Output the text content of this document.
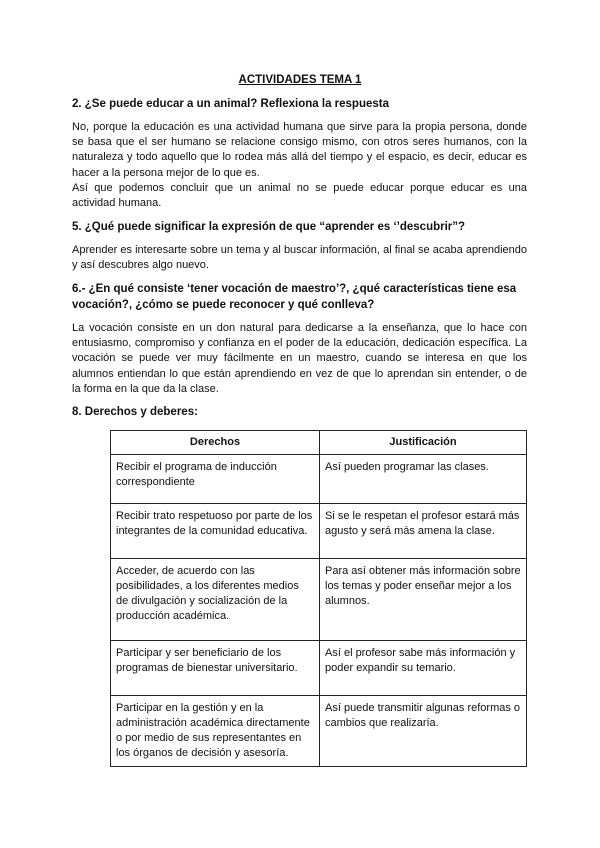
ACTIVIDADES TEMA 1
2. ¿Se puede educar a un animal? Reflexiona la respuesta
No, porque la educación es una actividad humana que sirve para la propia persona, donde se basa que el ser humano se relacione consigo mismo, con otros seres humanos, con la naturaleza y todo aquello que lo rodea más allá del tiempo y el espacio, es decir, educar es hacer a la persona mejor de lo que es.
Así que podemos concluir que un animal no se puede educar porque educar es una actividad humana.
5. ¿Qué puede significar la expresión de que “aprender es ‘’descubrir”?
Aprender es interesarte sobre un tema y al buscar información, al final se acaba aprendiendo y así descubres algo nuevo.
6.- ¿En qué consiste ‘tener vocación de maestro’?, ¿qué características tiene esa vocación?, ¿cómo se puede reconocer y qué conlleva?
La vocación consiste en un don natural para dedicarse a la enseñanza, que lo hace con entusiasmo, compromiso y confianza en el poder de la educación, dedicación específica. La vocación se puede ver muy fácilmente en un maestro, cuando se interesa en que los alumnos entiendan lo que están aprendiendo en vez de que lo aprendan sin entender, o de la forma en la que da la clase.
8. Derechos y deberes:
Derechos	Justificación
Recibir el programa de inducción correspondiente	Así pueden programar las clases.
Recibir trato respetuoso por parte de los integrantes de la comunidad educativa.	Si se le respetan el profesor estará más agusto y será más amena la clase.
Acceder, de acuerdo con las posibilidades, a los diferentes medios de divulgación y socialización de la producción académica.	Para así obtener más información sobre los temas y poder enseñar mejor a los alumnos.
Participar y ser beneficiario de los programas de bienestar universitario.	Así el profesor sabe más información y poder expandir su temario.
Participar en la gestión y en la administración académica directamente o por medio de sus representantes en los órganos de decisión y asesoría.	Así puede transmitir algunas reformas o cambios que realizaría.
